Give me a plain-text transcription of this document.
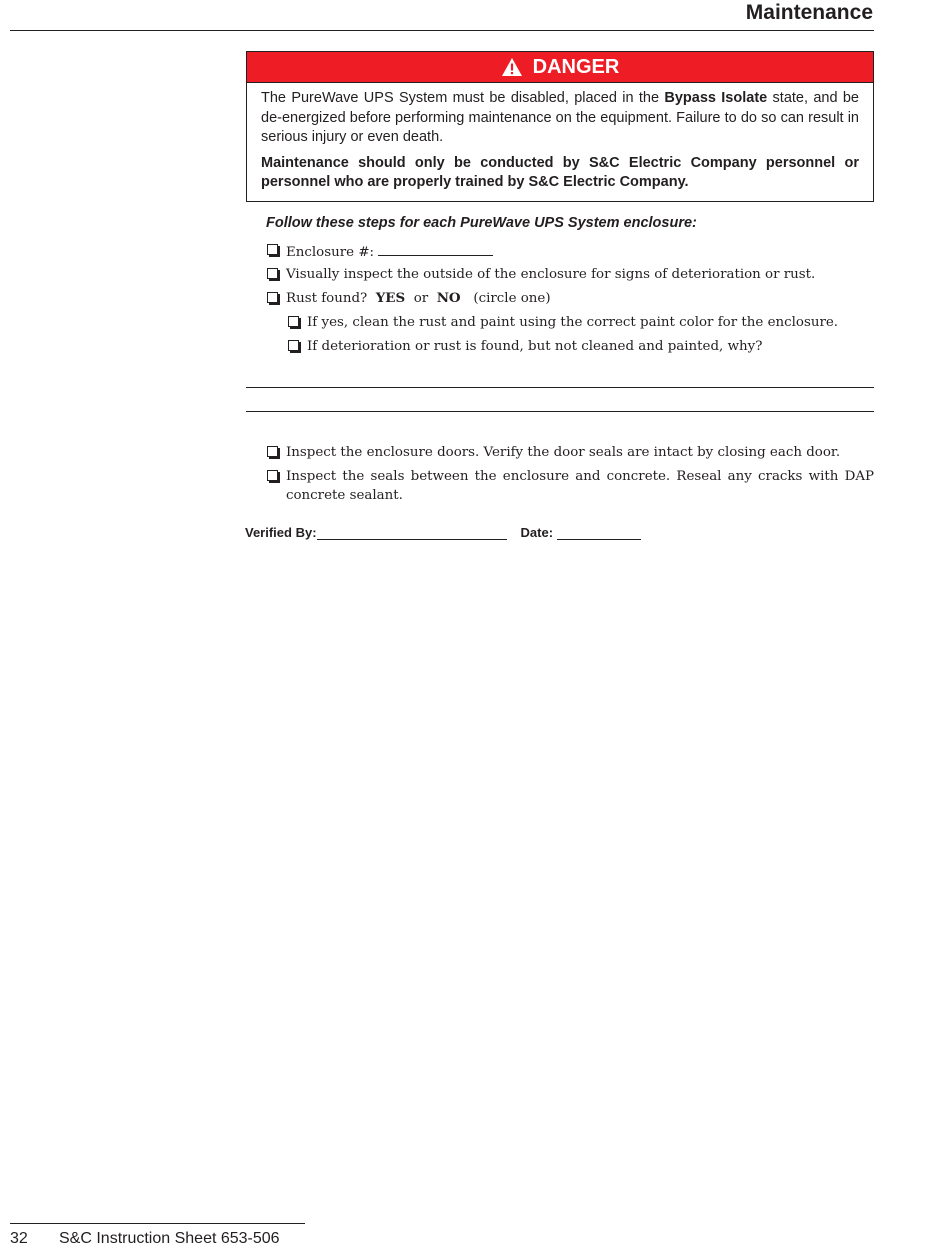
Maintenance
DANGER

The PureWave UPS System must be disabled, placed in the Bypass Isolate state, and be de-energized before performing maintenance on the equipment. Failure to do so can result in serious injury or even death.

Maintenance should only be conducted by S&C Electric Company personnel or personnel who are properly trained by S&C Electric Company.

Follow these steps for each PureWave UPS System enclosure:
Enclosure #:
Visually inspect the outside of the enclosure for signs of deterioration or rust.
Rust found? YES or NO (circle one)
If yes, clean the rust and paint using the correct paint color for the enclosure.
If deterioration or rust is found, but not cleaned and painted, why?
Inspect the enclosure doors. Verify the door seals are intact by closing each door.
Inspect the seals between the enclosure and concrete. Reseal any cracks with DAP concrete sealant.
Verified By:	Date:
32 S&C Instruction Sheet 653-506
